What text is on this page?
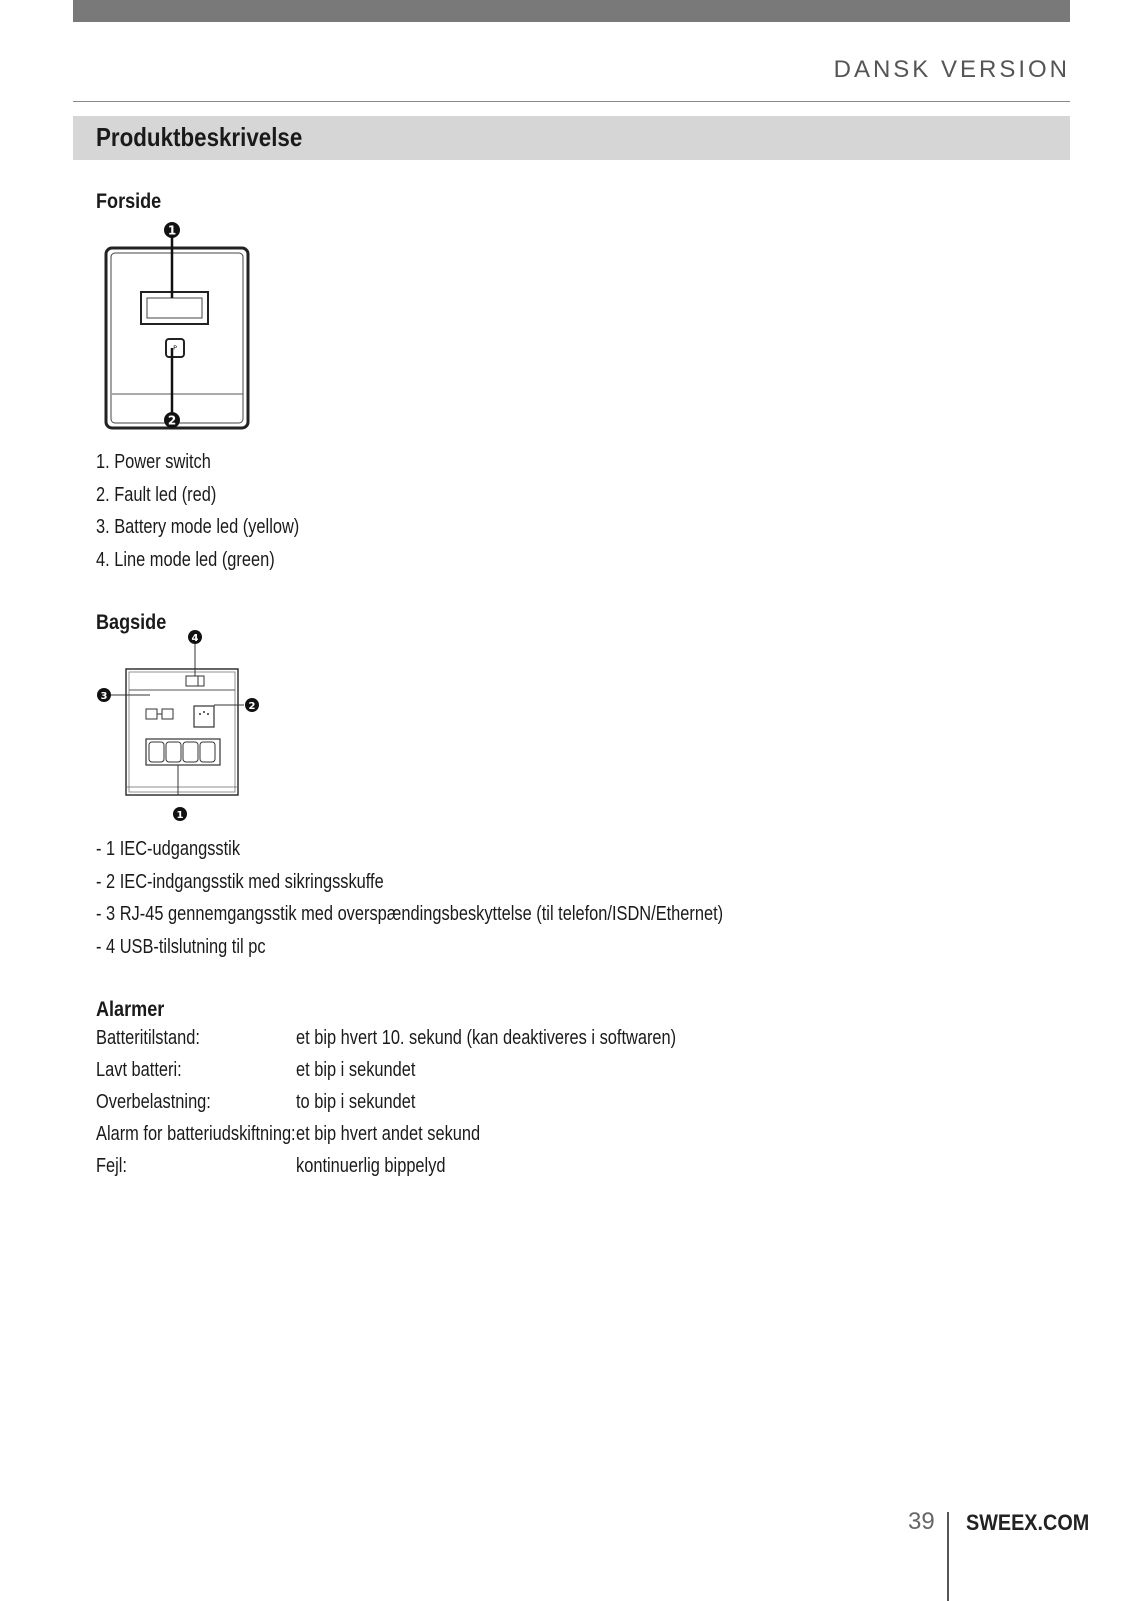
DANSK VERSION
Produktbeskrivelse
Forside
ᴾ
1
2
1. Power switch
2. Fault led (red)
3. Battery mode led (yellow)
4. Line mode led (green)
Bagside
4
3
2
1
- 1 IEC-udgangsstik
- 2 IEC-indgangsstik med sikringsskuffe
- 3 RJ-45 gennemgangsstik med overspændingsbeskyttelse (til telefon/ISDN/Ethernet)
- 4 USB-tilslutning til pc
Alarmer
Batteritilstand:	et bip hvert 10. sekund (kan deaktiveres i softwaren)
Lavt batteri:	et bip i sekundet
Overbelastning:	to bip i sekundet
Alarm for batteriudskiftning: et bip hvert andet sekund
Fejl:	kontinuerlig bippelyd
39 SWEEX.COM
